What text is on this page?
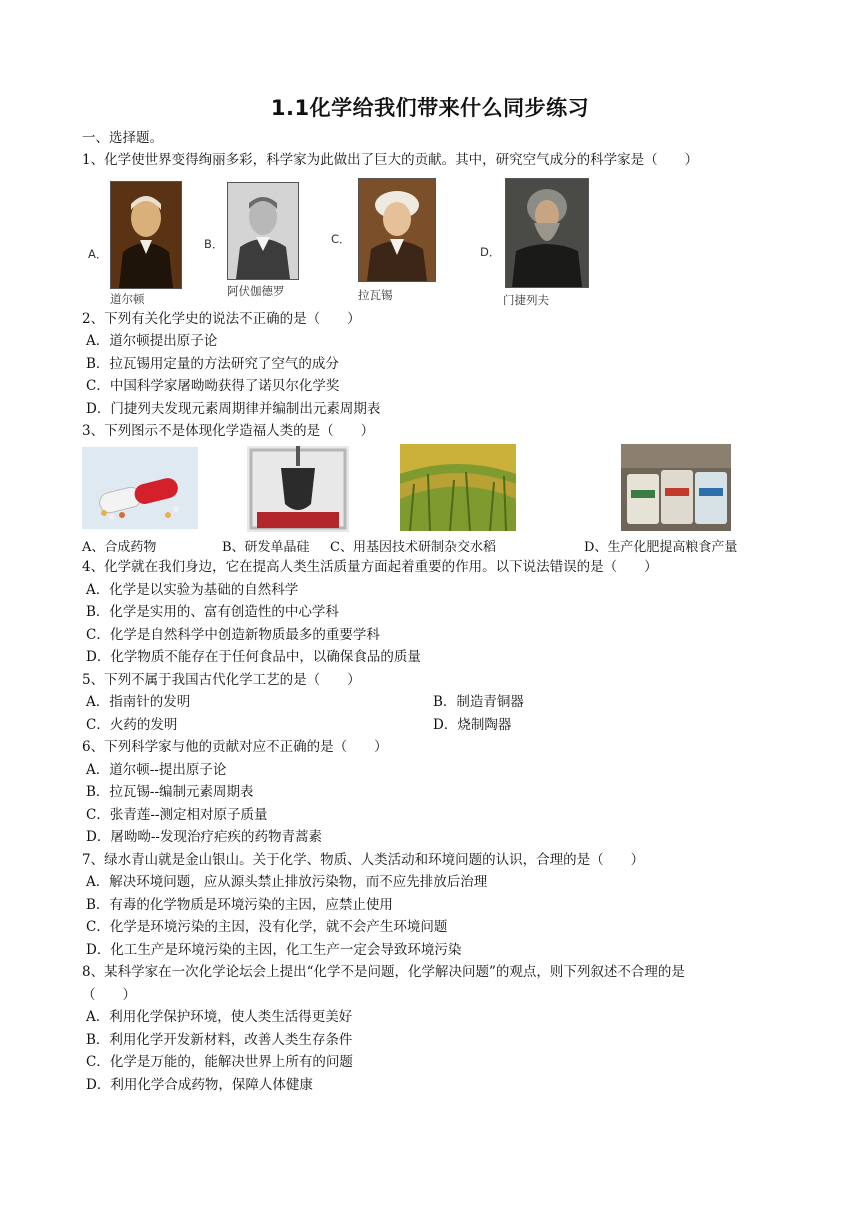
1.1化学给我们带来什么同步练习
一、选择题。
1、化学使世界变得绚丽多彩，科学家为此做出了巨大的贡献。其中，研究空气成分的科学家是（　　）
A．
道尔顿
B．
阿伏伽德罗
C．
拉瓦锡
D．
门捷列夫
2、下列有关化学史的说法不正确的是（　　）
A．道尔顿提出原子论
B．拉瓦锡用定量的方法研究了空气的成分
C．中国科学家屠呦呦获得了诺贝尔化学奖
D．门捷列夫发现元素周期律并编制出元素周期表
3、下列图示不是体现化学造福人类的是（　　）
A、合成药物	B、研发单晶硅 C、用基因技术研制杂交水稻	D、生产化肥提高粮食产量
4、化学就在我们身边，它在提高人类生活质量方面起着重要的作用。以下说法错误的是（　　）
A．化学是以实验为基础的自然科学
B．化学是实用的、富有创造性的中心学科
C．化学是自然科学中创造新物质最多的重要学科
D．化学物质不能存在于任何食品中，以确保食品的质量
5、下列不属于我国古代化学工艺的是（　　）
A．指南针的发明	B．制造青铜器
C．火药的发明	D．烧制陶器
6、下列科学家与他的贡献对应不正确的是（　　）
A．道尔顿--提出原子论
B．拉瓦锡--编制元素周期表
C．张青莲--测定相对原子质量
D．屠呦呦--发现治疗疟疾的药物青蒿素
7、绿水青山就是金山银山。关于化学、物质、人类活动和环境问题的认识，合理的是（　　）
A．解决环境问题，应从源头禁止排放污染物，而不应先排放后治理
B．有毒的化学物质是环境污染的主因，应禁止使用
C．化学是环境污染的主因，没有化学，就不会产生环境问题
D．化工生产是环境污染的主因，化工生产一定会导致环境污染
8、某科学家在一次化学论坛会上提出“化学不是问题，化学解决问题”的观点，则下列叙述不合理的是
（　　）
A．利用化学保护环境，使人类生活得更美好
B．利用化学开发新材料，改善人类生存条件
C．化学是万能的，能解决世界上所有的问题
D．利用化学合成药物，保障人体健康
